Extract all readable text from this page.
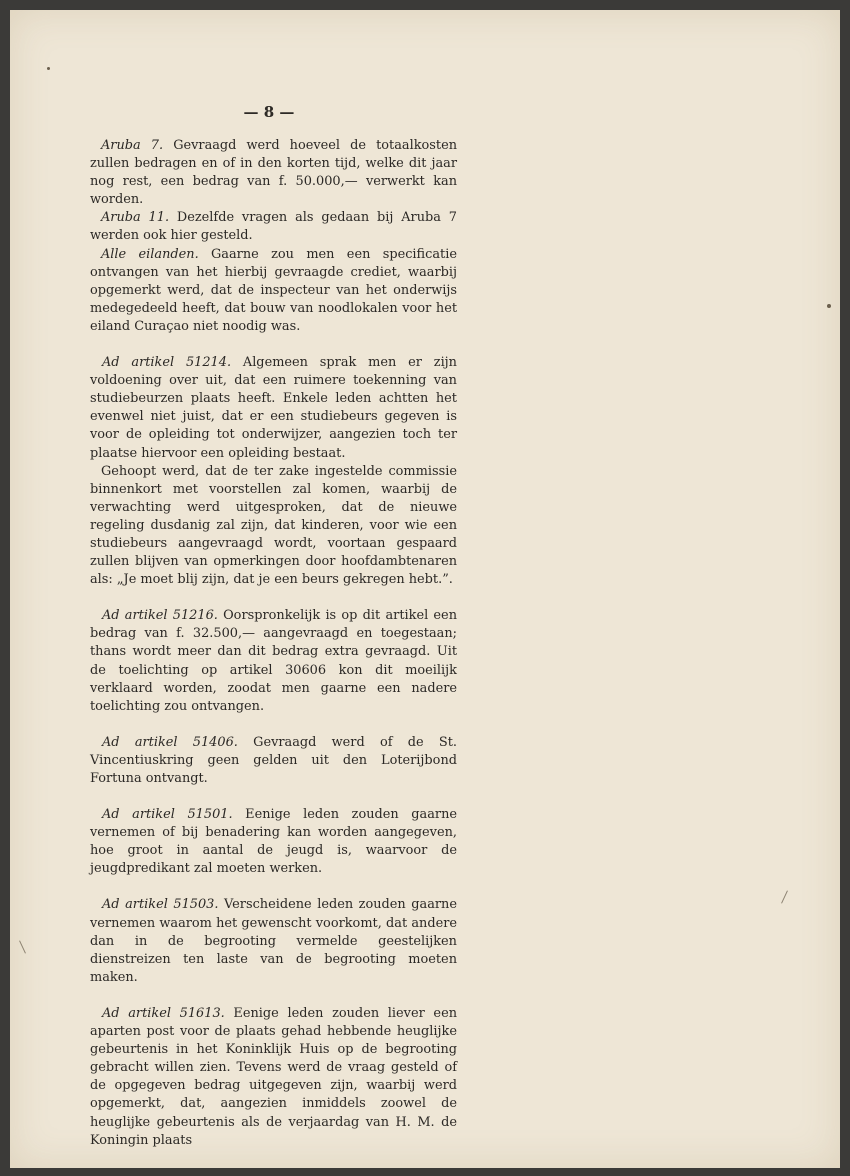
— 8 —

Aruba 7. Gevraagd werd hoeveel de totaalkosten zullen bedragen en of in den korten tijd, welke dit jaar nog rest, een bedrag van f. 50.000,— verwerkt kan worden.

Aruba 11. Dezelfde vragen als gedaan bij Aruba 7 werden ook hier gesteld.

Alle eilanden. Gaarne zou men een specificatie ontvangen van het hierbij gevraagde crediet, waarbij opgemerkt werd, dat de inspecteur van het onderwijs medegedeeld heeft, dat bouw van noodlokalen voor het eiland Curaçao niet noodig was.

Ad artikel 51214. Algemeen sprak men er zijn voldoening over uit, dat een ruimere toekenning van studiebeurzen plaats heeft. Enkele leden achtten het evenwel niet juist, dat er een studiebeurs gegeven is voor de opleiding tot onderwijzer, aangezien toch ter plaatse hiervoor een opleiding bestaat.

Gehoopt werd, dat de ter zake ingestelde commissie binnenkort met voorstellen zal komen, waarbij de verwachting werd uitgesproken, dat de nieuwe regeling dusdanig zal zijn, dat kinderen, voor wie een studiebeurs aangevraagd wordt, voortaan gespaard zullen blijven van opmerkingen door hoofdambtenaren als: „Je moet blij zijn, dat je een beurs gekregen hebt.”.

Ad artikel 51216. Oorspronkelijk is op dit artikel een bedrag van f. 32.500,— aangevraagd en toegestaan; thans wordt meer dan dit bedrag extra gevraagd. Uit de toelichting op artikel 30606 kon dit moeilijk verklaard worden, zoodat men gaarne een nadere toelichting zou ontvangen.

Ad artikel 51406. Gevraagd werd of de St. Vincentiuskring geen gelden uit den Loterijbond Fortuna ontvangt.

Ad artikel 51501. Eenige leden zouden gaarne vernemen of bij benadering kan worden aangegeven, hoe groot in aantal de jeugd is, waarvoor de jeugdpredikant zal moeten werken.

Ad artikel 51503. Verscheidene leden zouden gaarne vernemen waarom het gewenscht voorkomt, dat andere dan in de begrooting vermelde geestelijken dienstreizen ten laste van de begrooting moeten maken.

Ad artikel 51613. Eenige leden zouden liever een aparten post voor de plaats gehad hebbende heuglijke gebeurtenis in het Koninklijk Huis op de begrooting gebracht willen zien. Tevens werd de vraag gesteld of de opgegeven bedrag uitgegeven zijn, waarbij werd opgemerkt, dat, aangezien inmiddels zoowel de heuglijke gebeurtenis als de verjaardag van H. M. de Koningin plaats
